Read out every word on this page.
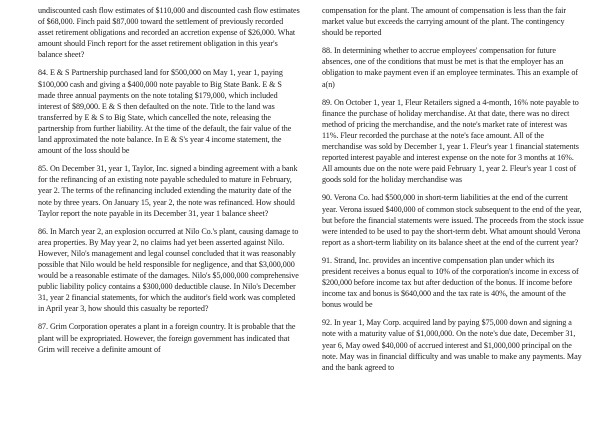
undiscounted cash flow estimates of $110,000 and discounted cash flow estimates of $68,000. Finch paid $87,000 toward the settlement of previously recorded asset retirement obligations and recorded an accretion expense of $26,000. What amount should Finch report for the asset retirement obligation in this year's balance sheet?

84. E & S Partnership purchased land for $500,000 on May 1, year 1, paying $100,000 cash and giving a $400,000 note payable to Big State Bank. E & S made three annual payments on the note totaling $179,000, which included interest of $89,000. E & S then defaulted on the note. Title to the land was transferred by E & S to Big State, which cancelled the note, releasing the partnership from further liability. At the time of the default, the fair value of the land approximated the note balance. In E & S's year 4 income statement, the amount of the loss should be

85. On December 31, year 1, Taylor, Inc. signed a binding agreement with a bank for the refinancing of an existing note payable scheduled to mature in February, year 2. The terms of the refinancing included extending the maturity date of the note by three years. On January 15, year 2, the note was refinanced. How should Taylor report the note payable in its December 31, year 1 balance sheet?

86. In March year 2, an explosion occurred at Nilo Co.'s plant, causing damage to area properties. By May year 2, no claims had yet been asserted against Nilo. However, Nilo's management and legal counsel concluded that it was reasonably possible that Nilo would be held responsible for negligence, and that $3,000,000 would be a reasonable estimate of the damages. Nilo's $5,000,000 comprehensive public liability policy contains a $300,000 deductible clause. In Nilo's December 31, year 2 financial statements, for which the auditor's field work was completed in April year 3, how should this casualty be reported?

87. Grim Corporation operates a plant in a foreign country. It is probable that the plant will be expropriated. However, the foreign government has indicated that Grim will receive a definite amount of

compensation for the plant. The amount of compensation is less than the fair market value but exceeds the carrying amount of the plant. The contingency should be reported

88. In determining whether to accrue employees' compensation for future absences, one of the conditions that must be met is that the employer has an obligation to make payment even if an employee terminates. This an example of a(n)

89. On October 1, year 1, Fleur Retailers signed a 4-month, 16% note payable to finance the purchase of holiday merchandise. At that date, there was no direct method of pricing the merchandise, and the note's market rate of interest was 11%. Fleur recorded the purchase at the note's face amount. All of the merchandise was sold by December 1, year 1. Fleur's year 1 financial statements reported interest payable and interest expense on the note for 3 months at 16%. All amounts due on the note were paid February 1, year 2. Fleur's year 1 cost of goods sold for the holiday merchandise was

90. Verona Co. had $500,000 in short-term liabilities at the end of the current year. Verona issued $400,000 of common stock subsequent to the end of the year, but before the financial statements were issued. The proceeds from the stock issue were intended to be used to pay the short-term debt. What amount should Verona report as a short-term liability on its balance sheet at the end of the current year?

91. Strand, Inc. provides an incentive compensation plan under which its president receives a bonus equal to 10% of the corporation's income in excess of $200,000 before income tax but after deduction of the bonus. If income before income tax and bonus is $640,000 and the tax rate is 40%, the amount of the bonus would be

92. In year 1, May Corp. acquired land by paying $75,000 down and signing a note with a maturity value of $1,000,000. On the note's due date, December 31, year 6, May owed $40,000 of accrued interest and $1,000,000 principal on the note. May was in financial difficulty and was unable to make any payments. May and the bank agreed to
